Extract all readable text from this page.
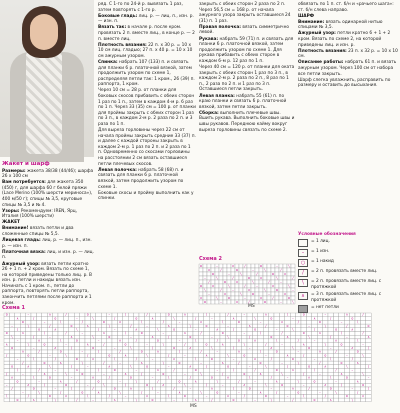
Жакет и шарф

Размеры: жакета 38/38 (44/46); шарфа 26 х 100 см

Вам потребуется: для жакета 350 (450) г, для шарфа 60 г белой пряжи (Lace Merino (100% шерсти мериноса»), 400 м/50 г); спицы № 3,5, круговые спицы № 3,5 и № 4.

Узоры: Рекомендуем: IREN, Ярц, Италия (100% шерсти)

ЖАКЕТ

Внимание! вязать петли и два сложенные спицы № 5,5.

Лицевая гладь: лиц. р. — лиц. п., изн. р. — изн. п.

Платочная вязка: лиц. и изн. р. — лиц. п.

Ажурный узор: вязать петли кратно 26 + 1 п. + 2 кром. Вязать по схеме 1, на которой приведены только лиц. р. В изн. р. петли и накиды вязать изн. Начинать с 1 кром. п., петли до раппорта, повторять петли раппорта, закончить петлями после раппорта и 1 кром.

ряд. С 1-го по 24-й р. вывязать 1 раз, затем повторять с 1-го р.

Боковые гладь: лиц. р. — лиц. п., изн. р. — изн. п.

Вязать так: в начале р. после кром. провязать 2 п. вместе лиц., в конце р. — 2 п. вместе лиц.

Плотность вязания: 22 п. х 30 р. = 10 х 10 см лиц. гладью; 27 п. х 40 р. = 10 х 10 см ажурным узором.

Спинка: набрать 107 (133) п. и связать для планки 6 р. платочной вязкой, затем продолжить узором по схеме 1, распределяя петли так: 1 кром., 26 (39) п. раппорта, 1 кром.

Через 10 см = 28 р. от планки для боковых скосов прибавить с обеих сторон 1 раз по 1 п., затем в каждом 4-м р. 6 раз по 1 п. Через 33 (35) см = 100 р. от планки для проймы закрыть с обеих сторон 1 раз по 3 п., в каждом 2-м р. 2 раза по 2 п. и 3 раза по 1 п.

Для выреза горловины через 22 см от начала проймы закрыть средние 33 (37) п. и далее с каждой стороны закрыть в каждом 2-м р. 1 раз по 2 п. и 2 раза по 1 п. Одновременно со скосами горловины на расстоянии 2 см вязать оставшиеся петли плечевых скосов.

Левая полочка: набрать 58 (68) п. и связать для планки 6 р. платочной вязкой, затем продолжить узором по схеме 1.

Боковые скосы и пройму выполнить как у спинки.

закрыть с обеих сторон 2 раза по 2 п. Через 56,5 см = 168 р. от начала ажурного узора закрыть оставшиеся 24 (31) п. 1 раз.

Правая полочка: вязать симметрично левой.

Рукава: набрать 59 (71) п. и связать для планки 6 р. платочной вязкой, затем продолжить узором по схеме 1. Для рукава прибавить с обеих сторон в каждом 6-м р. 12 раз по 1 п.

Через 40 см = 120 р. от планки для окатa закрыть с обеих сторон 1 раз по 3 п., в каждом 2-м р. 2 раза по 2 п., 8 раз по 1 п., 2 раза по 2 п. и 1 раз по 3 п. Оставшиеся петли закрыть.

Левая планка: набрать 55 (61) п. по краю планки и связать 6 р. платочной вязкой, затем петли закрыть.

Сборка: выполнить плечевые швы. Вшить рукава. Выполнить боковые швы и швы рукавов. Переднюю кайму вокруг выреза горловины связать по схеме 2.

обвязать по 1 п. ст. б/н и «рачьего шага»: ст. б/н слева направо.

ШАРФ

Внимание: вязать одинарной нитью спицами № 3,5.

Ажурный узор: петли кратно 6 + 1 + 2 кром. Вязать по схеме 2, на которой приведены лиц. и изн. р.

Плотность вязания: 23 п. х 32 р. = 10 х 10 см.

Описание работы: набрать 61 п. и вязать ажурным узором. Через 100 см от набора все петли закрыть.

Шарф слегка увлажнить, расправить по размеру и оставить до высыхания.

Условные обозначения
= 1 лиц.
–	= 1 изн.
○	= 1 накид
/	= 2 п. провязать вместе лиц.
\	= 2 п. провязать вместе лиц. с протяжкой
∧	= 3 п. провязать вместе лиц. с протяжкой
= нет петли
Схема 2
o	–	∧	/	o	–	\
∧	/	o	–	\	/
o	–	\	/	o	∧
–	\	/	o	∧	\	/
/	o	∧	\	/	–
o	∧	\	/	–	∧	\
\	/	–	∧	\	o	–
–	∧	\	o	–	∧
∧	\	o	–	∧	/	o
o	–	∧	/	o	–	\
MS
Схема 1
o	–	∧	/	o	–	\	/	o	∧	\	/	–	∧	\	o	–	∧	/
∧	/	o	–	\	/	o	∧	\	/	–	∧	\	o	–	∧	/	o
o	–	\	/	o	∧	\	/	–	∧	\	o	–	∧	/	o	–	\
–	\	/	o	∧	\	/	–	∧	\	o	–	∧	/	o	–	\	/	o
/	o	∧	\	/	–	∧	\	o	–	∧	/	o	–	\	/	o	∧
o	∧	\	/	–	∧	\	o	–	∧	/	o	–	\	/	o	∧	\	/
\	/	–	∧	\	o	–	∧	/	o	–	\	/	o	∧	\	/	–	∧
–	∧	\	o	–	∧	/	o	–	\	/	o	∧	\	/	–	∧	\
∧	\	o	–	∧	/	o	–	\	/	o	∧	\	/	–	∧	\	o	–
o	–	∧	/	o	–	\	/	o	∧	\	/	–	∧	\	o	–	∧	/
∧	/	o	–	\	/	o	∧	\	/	–	∧	\	o	–	∧	/	o
/	o	–	\	/	o	∧	\	/	–	∧	\	o	–	∧	/	o	–	\
–	\	/	o	∧	\	/	–	∧	\	o	–	∧	/	o	–	\	/
/	o	∧	\	/	–	∧	\	o	–	∧	/	o	–	\	/	o	∧
o	∧	\	/	–	∧	\	o	–	∧	/	o	–	\	/	o	∧	\	/
\	/	–	∧	\	o	–	∧	/	o	–	\	/	o	∧	\	/	–
/	–	∧	\	o	–	∧	/	o	–	\	/	o	∧	\	/	–	∧	\
∧	\	o	–	∧	/	o	–	\	/	o	∧	\	/	–	∧	\	o	–
o	–	∧	/	o	–	\	/	o	∧	\	/	–	∧	\	o	–	∧
–	∧	/	o	–	\	/	o	∧	\	/	–	∧	\	o	–	∧	/	o
/	o	–	\	/	o	∧	\	/	–	∧	\	o	–	∧	/	o	–	\
–	\	/	o	∧	\	/	–	∧	\	o	–	∧	/	o	–	\	/
\	/	o	∧	\	/	–	∧	\	o	–	∧	/	o	–	\	/	o	∧
o	∧	\	/	–	∧	\	o	–	∧	/	o	–	\	/	o	∧	\
MS
